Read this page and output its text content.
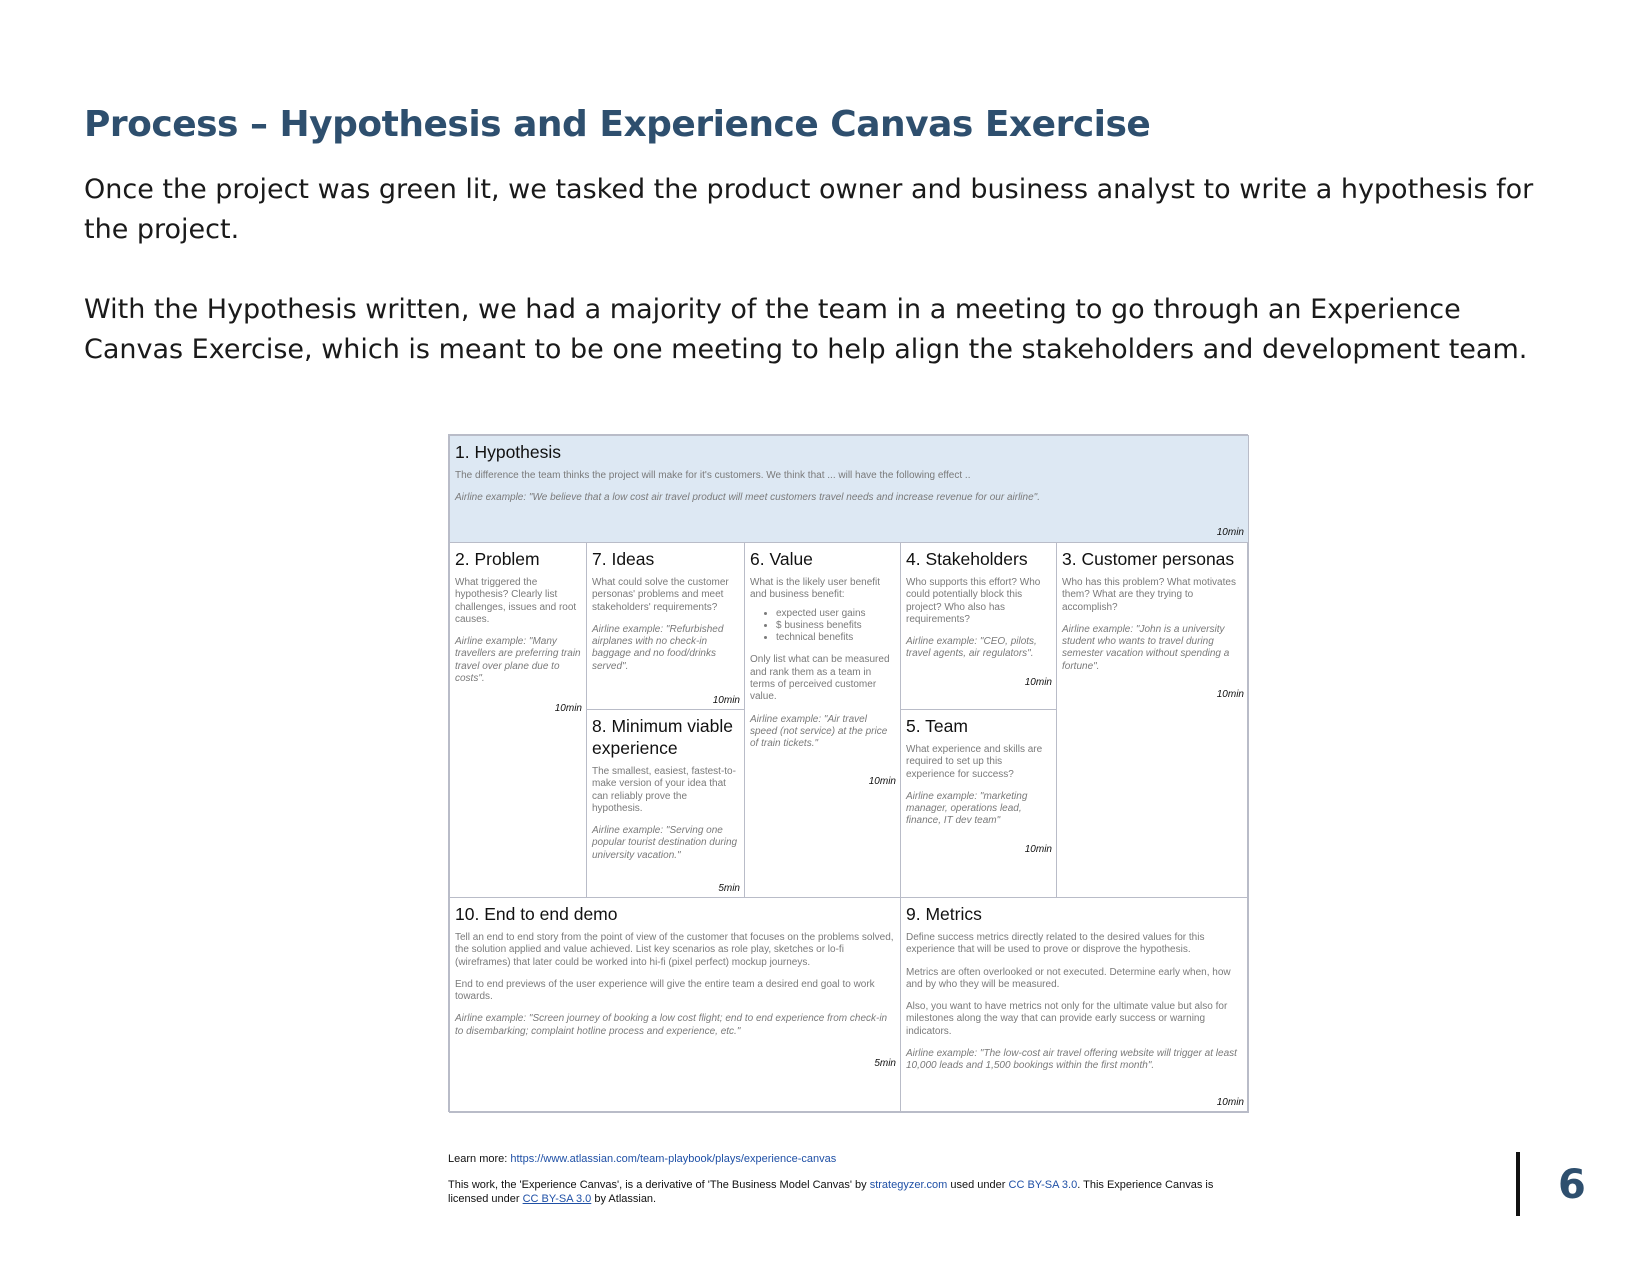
Process – Hypothesis and Experience Canvas Exercise

Once the project was green lit, we tasked the product owner and business analyst to write a hypothesis for the project.

With the Hypothesis written, we had a majority of the team in a meeting to go through an Experience Canvas Exercise, which is meant to be one meeting to help align the stakeholders and development team.

1. Hypothesis

The difference the team thinks the project will make for it's customers. We think that ... will have the following effect ..

Airline example: "We believe that a low cost air travel product will meet customers travel needs and increase revenue for our airline".

10min
2. Problem

What triggered the hypothesis? Clearly list challenges, issues and root causes.

Airline example: "Many travellers are preferring train travel over plane due to costs".

10min
7. Ideas

What could solve the customer personas' problems and meet stakeholders' requirements?

Airline example: "Refurbished airplanes with no check-in baggage and no food/drinks served".

10min
8. Minimum viable experience

The smallest, easiest, fastest-to-make version of your idea that can reliably prove the hypothesis.

Airline example: "Serving one popular tourist destination during university vacation."

5min
6. Value

What is the likely user benefit and business benefit:

• expected user gains
• $ business benefits
• technical benefits

Only list what can be measured and rank them as a team in terms of perceived customer value.

Airline example: "Air travel speed (not service) at the price of train tickets."

10min
4. Stakeholders

Who supports this effort? Who could potentially block this project? Who also has requirements?

Airline example: "CEO, pilots, travel agents, air regulators".

10min
5. Team

What experience and skills are required to set up this experience for success?

Airline example: "marketing manager, operations lead, finance, IT dev team"

10min
3. Customer personas

Who has this problem? What motivates them? What are they trying to accomplish?

Airline example: "John is a university student who wants to travel during semester vacation without spending a fortune".

10min
10. End to end demo

Tell an end to end story from the point of view of the customer that focuses on the problems solved, the solution applied and value achieved. List key scenarios as role play, sketches or lo-fi (wireframes) that later could be worked into hi-fi (pixel perfect) mockup journeys.

End to end previews of the user experience will give the entire team a desired end goal to work towards.

Airline example: "Screen journey of booking a low cost flight; end to end experience from check-in to disembarking; complaint hotline process and experience, etc."

5min
9. Metrics

Define success metrics directly related to the desired values for this experience that will be used to prove or disprove the hypothesis.

Metrics are often overlooked or not executed. Determine early when, how and by who they will be measured.

Also, you want to have metrics not only for the ultimate value but also for milestones along the way that can provide early success or warning indicators.

Airline example: "The low-cost air travel offering website will trigger at least 10,000 leads and 1,500 bookings within the first month".

10min
Learn more: https://www.atlassian.com/team-playbook/plays/experience-canvas
This work, the 'Experience Canvas', is a derivative of 'The Business Model Canvas' by strategyzer.com used under CC BY-SA 3.0. This Experience Canvas is licensed under CC BY-SA 3.0 by Atlassian.	6
